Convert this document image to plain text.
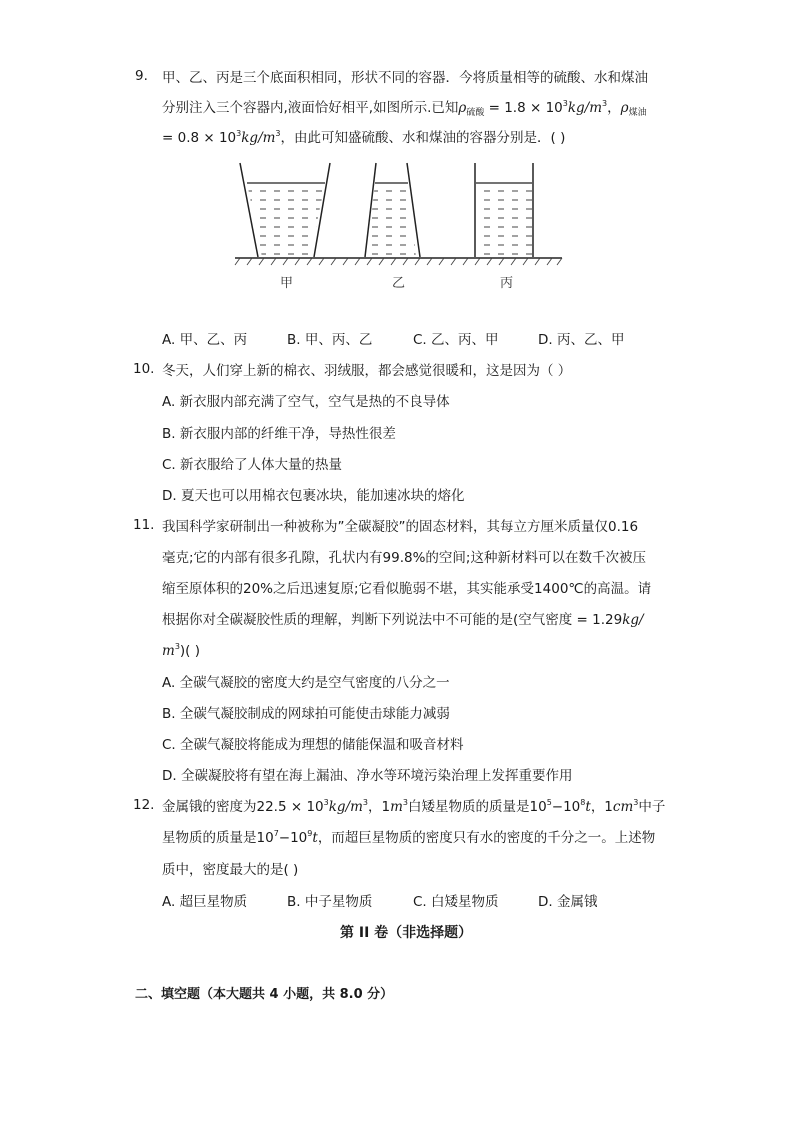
9. 甲、乙、丙是三个底面积相同，形状不同的容器．今将质量相等的硫酸、水和煤油
分别注入三个容器内,液面恰好相平,如图所示.已知$\rho_{硫酸} = 1.8 \times 10^3kg/m^3$，$\rho_{煤油}$
= $0.8 \times 10^3kg/m^3$，由此可知盛硫酸、水和煤油的容器分别是．( )
甲	乙	丙
A. 甲、乙、丙	B. 甲、丙、乙	C. 乙、丙、甲	D. 丙、乙、甲
10. 冬天，人们穿上新的棉衣、羽绒服，都会感觉很暖和，这是因为（ ）
A. 新衣服内部充满了空气，空气是热的不良导体
B. 新衣服内部的纤维干净，导热性很差
C. 新衣服给了人体大量的热量
D. 夏天也可以用棉衣包裹冰块，能加速冰块的熔化
11. 我国科学家研制出一种被称为”全碳凝胶”的固态材料，其每立方厘米质量仅0.16
毫克;它的内部有很多孔隙，孔状内有99.8%的空间;这种新材料可以在数千次被压
缩至原体积的20%之后迅速复原;它看似脆弱不堪，其实能承受1400℃的高温。请
根据你对全碳凝胶性质的理解，判断下列说法中不可能的是(空气密度 = 1.29kg/
$m^3$)( )
A. 全碳气凝胶的密度大约是空气密度的八分之一
B. 全碳气凝胶制成的网球拍可能使击球能力减弱
C. 全碳气凝胶将能成为理想的储能保温和吸音材料
D. 全碳凝胶将有望在海上漏油、净水等环境污染治理上发挥重要作用
12. 金属锇的密度为$22.5 \times 10^3kg/m^3$，$1m^3$白矮星物质的质量是$10^5-10^8t$，$1cm^3$中子
星物质的质量是$10^7-10^9t$，而超巨星物质的密度只有水的密度的千分之一。上述物
质中，密度最大的是( )
A. 超巨星物质	B. 中子星物质	C. 白矮星物质	D. 金属锇
第 II 卷（非选择题）
二、填空题（本大题共 4 小题，共 8.0 分）
